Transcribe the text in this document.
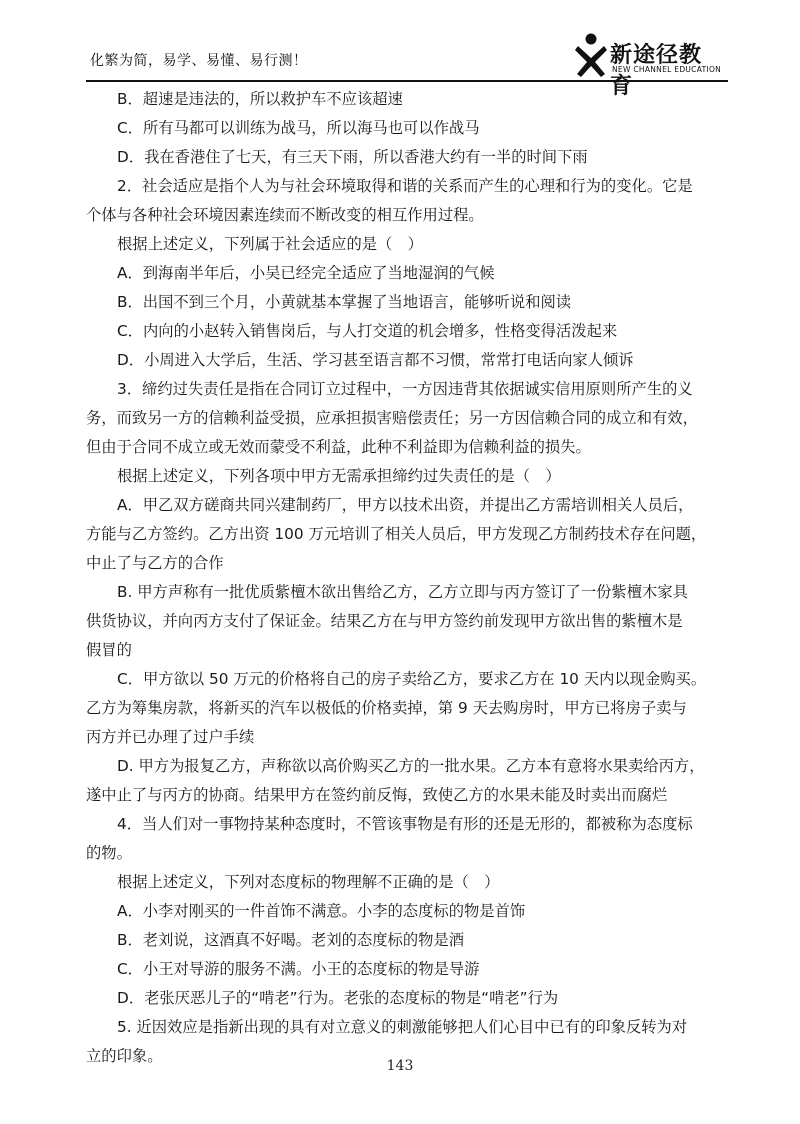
化繁为简，易学、易懂、易行测！	新途径教育
NEW CHANNEL EDUCATION

B．超速是违法的，所以救护车不应该超速

C．所有马都可以训练为战马，所以海马也可以作战马

D．我在香港住了七天，有三天下雨，所以香港大约有一半的时间下雨

2．社会适应是指个人为与社会环境取得和谐的关系而产生的心理和行为的变化。它是

个体与各种社会环境因素连续而不断改变的相互作用过程。

根据上述定义，下列属于社会适应的是（　）

A．到海南半年后，小吴已经完全适应了当地湿润的气候

B．出国不到三个月，小黄就基本掌握了当地语言，能够听说和阅读

C．内向的小赵转入销售岗后，与人打交道的机会增多，性格变得活泼起来

D．小周进入大学后，生活、学习甚至语言都不习惯，常常打电话向家人倾诉

3．缔约过失责任是指在合同订立过程中，一方因违背其依据诚实信用原则所产生的义

务，而致另一方的信赖利益受损，应承担损害赔偿责任；另一方因信赖合同的成立和有效，

但由于合同不成立或无效而蒙受不利益，此种不利益即为信赖利益的损失。

根据上述定义，下列各项中甲方无需承担缔约过失责任的是（　）

A．甲乙双方磋商共同兴建制药厂，甲方以技术出资，并提出乙方需培训相关人员后，

方能与乙方签约。乙方出资 100 万元培训了相关人员后，甲方发现乙方制药技术存在问题，

中止了与乙方的合作

B. 甲方声称有一批优质紫檀木欲出售给乙方，乙方立即与丙方签订了一份紫檀木家具

供货协议，并向丙方支付了保证金。结果乙方在与甲方签约前发现甲方欲出售的紫檀木是

假冒的

C．甲方欲以 50 万元的价格将自己的房子卖给乙方，要求乙方在 10 天内以现金购买。

乙方为筹集房款，将新买的汽车以极低的价格卖掉，第 9 天去购房时，甲方已将房子卖与

丙方并已办理了过户手续

D. 甲方为报复乙方，声称欲以高价购买乙方的一批水果。乙方本有意将水果卖给丙方，

遂中止了与丙方的协商。结果甲方在签约前反悔，致使乙方的水果未能及时卖出而腐烂

4．当人们对一事物持某种态度时，不管该事物是有形的还是无形的，都被称为态度标

的物。

根据上述定义，下列对态度标的物理解不正确的是（　）

A．小李对刚买的一件首饰不满意。小李的态度标的物是首饰

B．老刘说，这酒真不好喝。老刘的态度标的物是酒

C．小王对导游的服务不满。小王的态度标的物是导游

D．老张厌恶儿子的“啃老”行为。老张的态度标的物是“啃老”行为

5. 近因效应是指新出现的具有对立意义的刺激能够把人们心目中已有的印象反转为对

立的印象。

143
